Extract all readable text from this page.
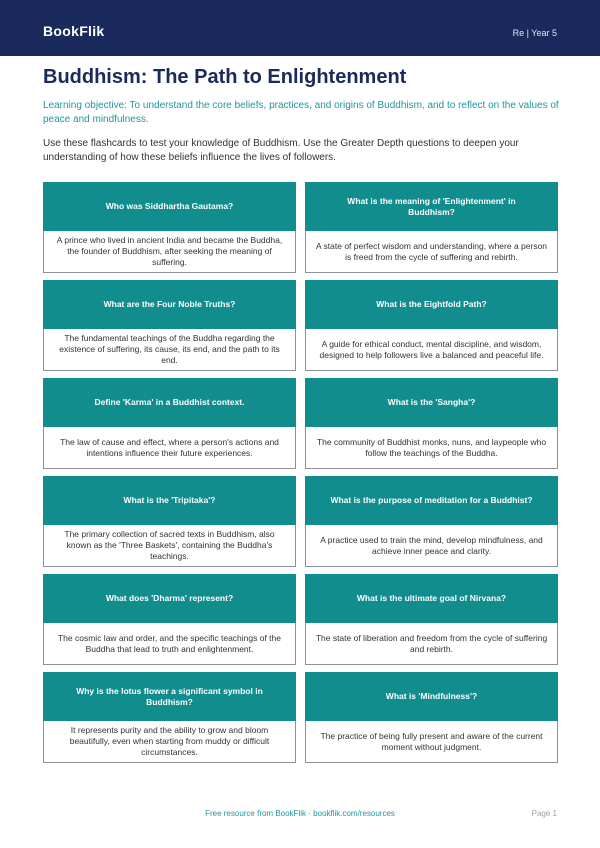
BookFlik	Re | Year 5
Buddhism: The Path to Enlightenment

Learning objective: To understand the core beliefs, practices, and origins of Buddhism, and to reflect on the values of peace and mindfulness.

Use these flashcards to test your knowledge of Buddhism. Use the Greater Depth questions to deepen your understanding of how these beliefs influence the lives of followers.

Who was Siddhartha Gautama?
A prince who lived in ancient India and became the Buddha, the founder of Buddhism, after seeking the meaning of suffering.
What is the meaning of 'Enlightenment' in Buddhism?
A state of perfect wisdom and understanding, where a person is freed from the cycle of suffering and rebirth.
What are the Four Noble Truths?
The fundamental teachings of the Buddha regarding the existence of suffering, its cause, its end, and the path to its end.
What is the Eightfold Path?
A guide for ethical conduct, mental discipline, and wisdom, designed to help followers live a balanced and peaceful life.
Define 'Karma' in a Buddhist context.
The law of cause and effect, where a person's actions and intentions influence their future experiences.
What is the 'Sangha'?
The community of Buddhist monks, nuns, and laypeople who follow the teachings of the Buddha.
What is the 'Tripitaka'?
The primary collection of sacred texts in Buddhism, also known as the 'Three Baskets', containing the Buddha's teachings.
What is the purpose of meditation for a Buddhist?
A practice used to train the mind, develop mindfulness, and achieve inner peace and clarity.
What does 'Dharma' represent?
The cosmic law and order, and the specific teachings of the Buddha that lead to truth and enlightenment.
What is the ultimate goal of Nirvana?
The state of liberation and freedom from the cycle of suffering and rebirth.
Why is the lotus flower a significant symbol in Buddhism?
It represents purity and the ability to grow and bloom beautifully, even when starting from muddy or difficult circumstances.
What is 'Mindfulness'?
The practice of being fully present and aware of the current moment without judgment.
Free resource from BookFlik · bookflik.com/resources	Page 1
